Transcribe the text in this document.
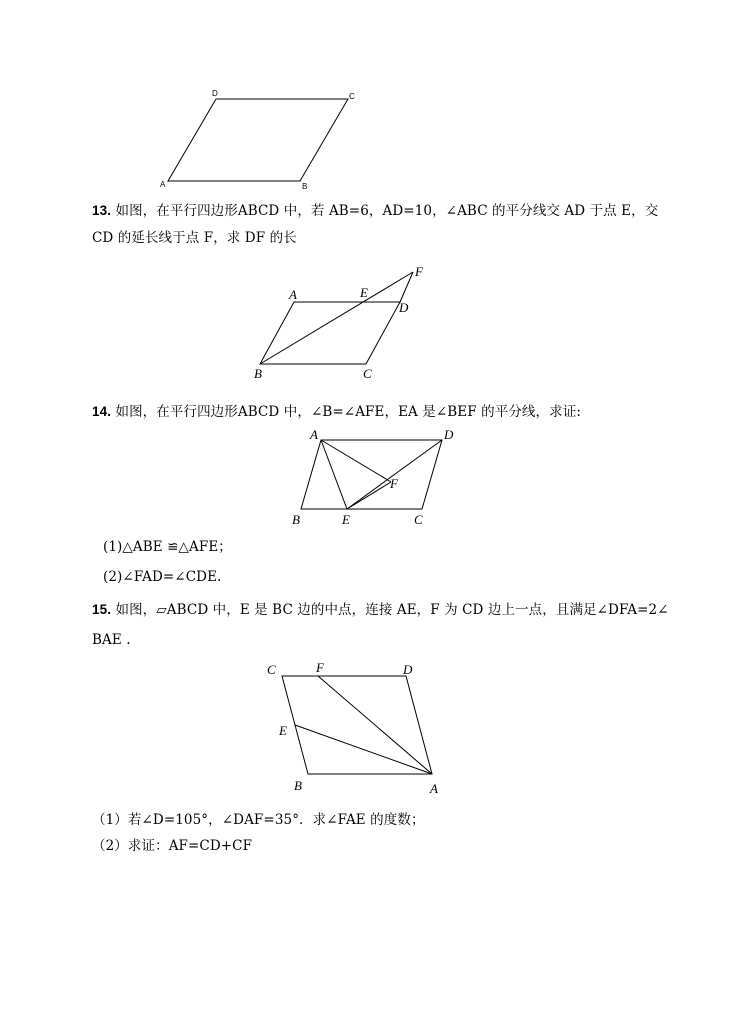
A	B
C
D
13. 如图，在平行四边形ABCD 中，若 AB=6，AD=10，∠ABC 的平分线交 AD 于点 E，交
CD 的延长线于点 F，求 DF 的长
A	E
D
F
B	C
14. 如图，在平行四边形ABCD 中，∠B=∠AFE，EA 是∠BEF 的平分线，求证:
A	D
F
B	E	C
(1)△ABE ≌△AFE；
(2)∠FAD=∠CDE.
15. 如图，▱ABCD 中，E 是 BC 边的中点，连接 AE，F 为 CD 边上一点，且满足∠DFA=2∠
BAE .
C	F	D
E
B	A
（1）若∠D=105°，∠DAF=35°．求∠FAE 的度数；
（2）求证：AF=CD+CF
